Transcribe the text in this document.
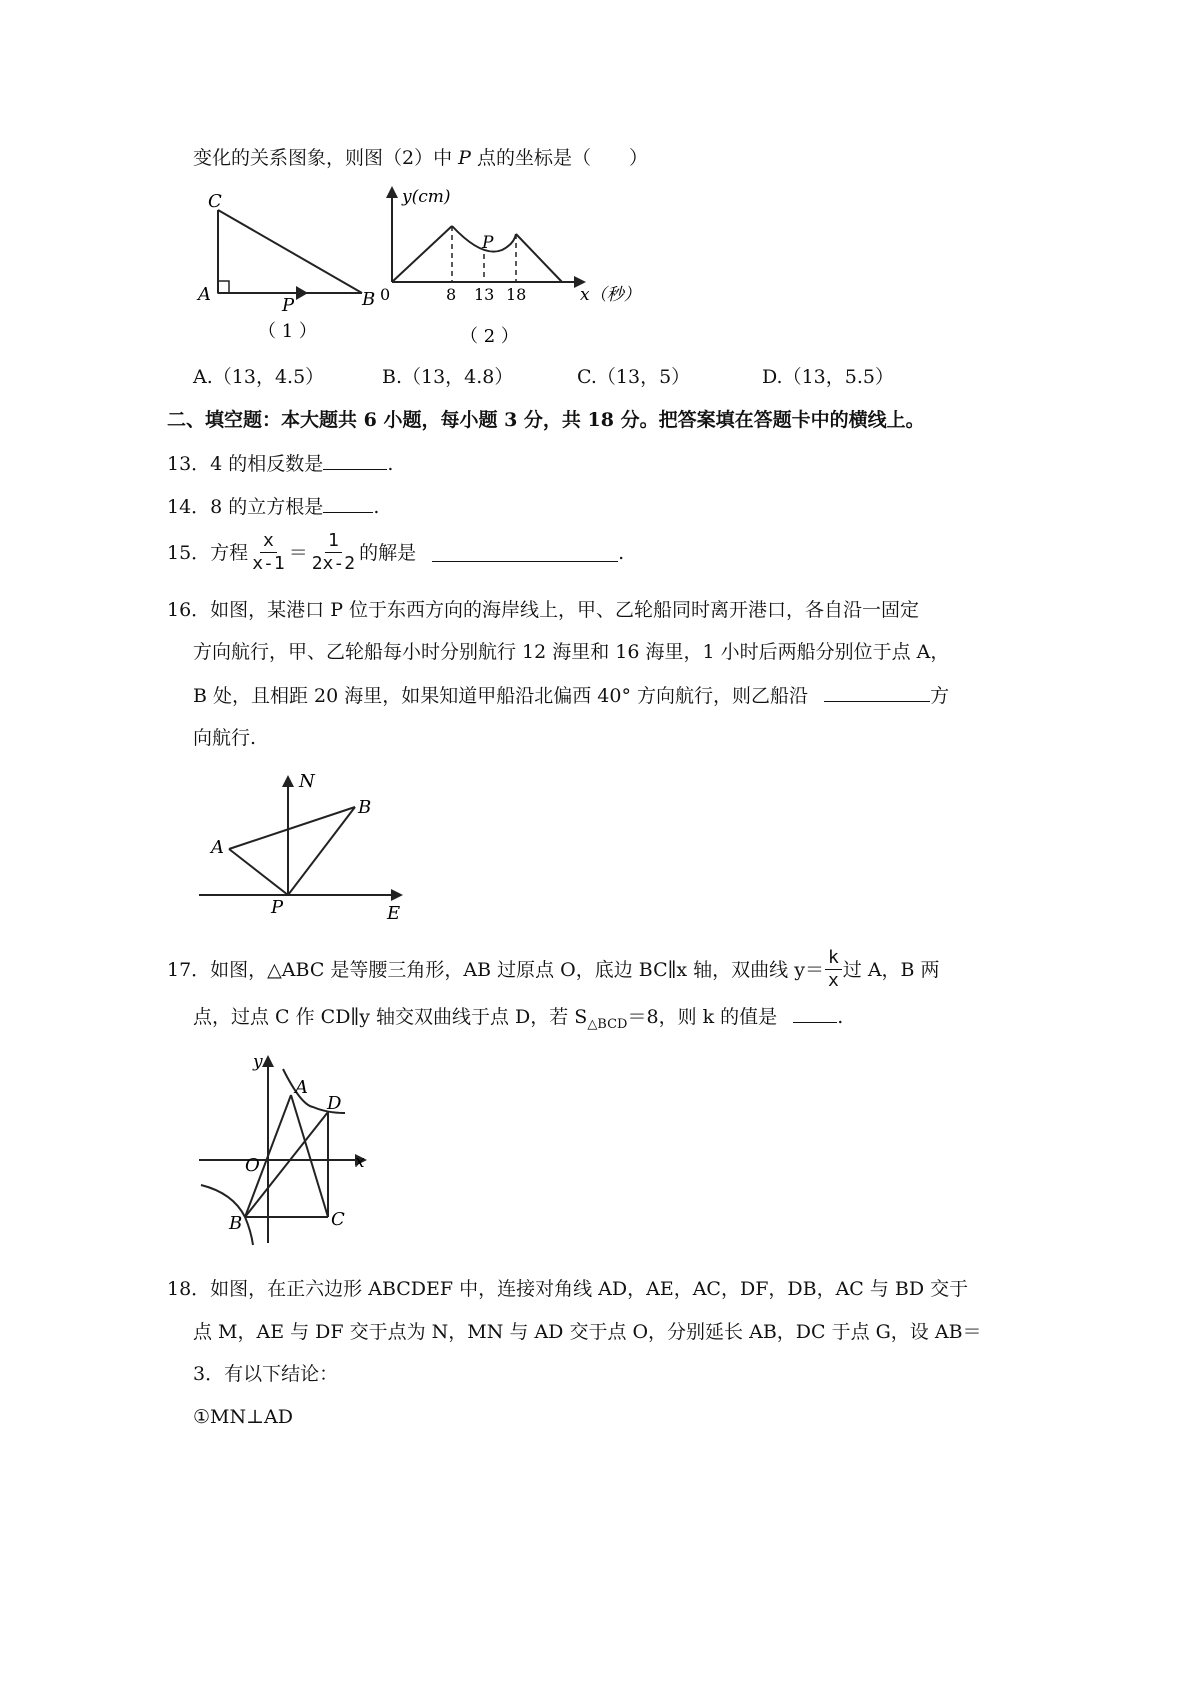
变化的关系图象，则图（2）中 P 点的坐标是（　　）
C
A	B
P
（ 1 ）
y(cm)
P
0	8 13 18	x（秒）
（ 2 ）
A.（13，4.5）	B.（13，4.8）	C.（13，5）	D.（13，5.5）
二、填空题：本大题共 6 小题，每小题 3 分，共 18 分。把答案填在答题卡中的横线上。
13．4 的相反数是	.
14．8 的立方根是	.
15．方程 $\frac{x}{x-1} = \frac{1}{2x-2}$ 的解是	.
16．如图，某港口 P 位于东西方向的海岸线上，甲、乙轮船同时离开港口，各自沿一固定
方向航行，甲、乙轮船每小时分别航行 12 海里和 16 海里，1 小时后两船分别位于点 A，
B 处，且相距 20 海里，如果知道甲船沿北偏西 40° 方向航行，则乙船沿	方
向航行.
N
A
B
P	E
17．如图，△ABC 是等腰三角形，AB 过原点 O，底边 BC∥x 轴，双曲线 $y= \frac{k}{x}$ 过 A，B 两
点，过点 C 作 CD∥y 轴交双曲线于点 D，若 $S_{\triangle BCD}=8$，则 k 的值是	.
y
x
O
A
D
B	C
18．如图，在正六边形 ABCDEF 中，连接对角线 AD，AE，AC，DF，DB，AC 与 BD 交于
点 M，AE 与 DF 交于点为 N，MN 与 AD 交于点 O，分别延长 AB，DC 于点 G，设 AB＝
3．有以下结论：
①MN⊥AD
